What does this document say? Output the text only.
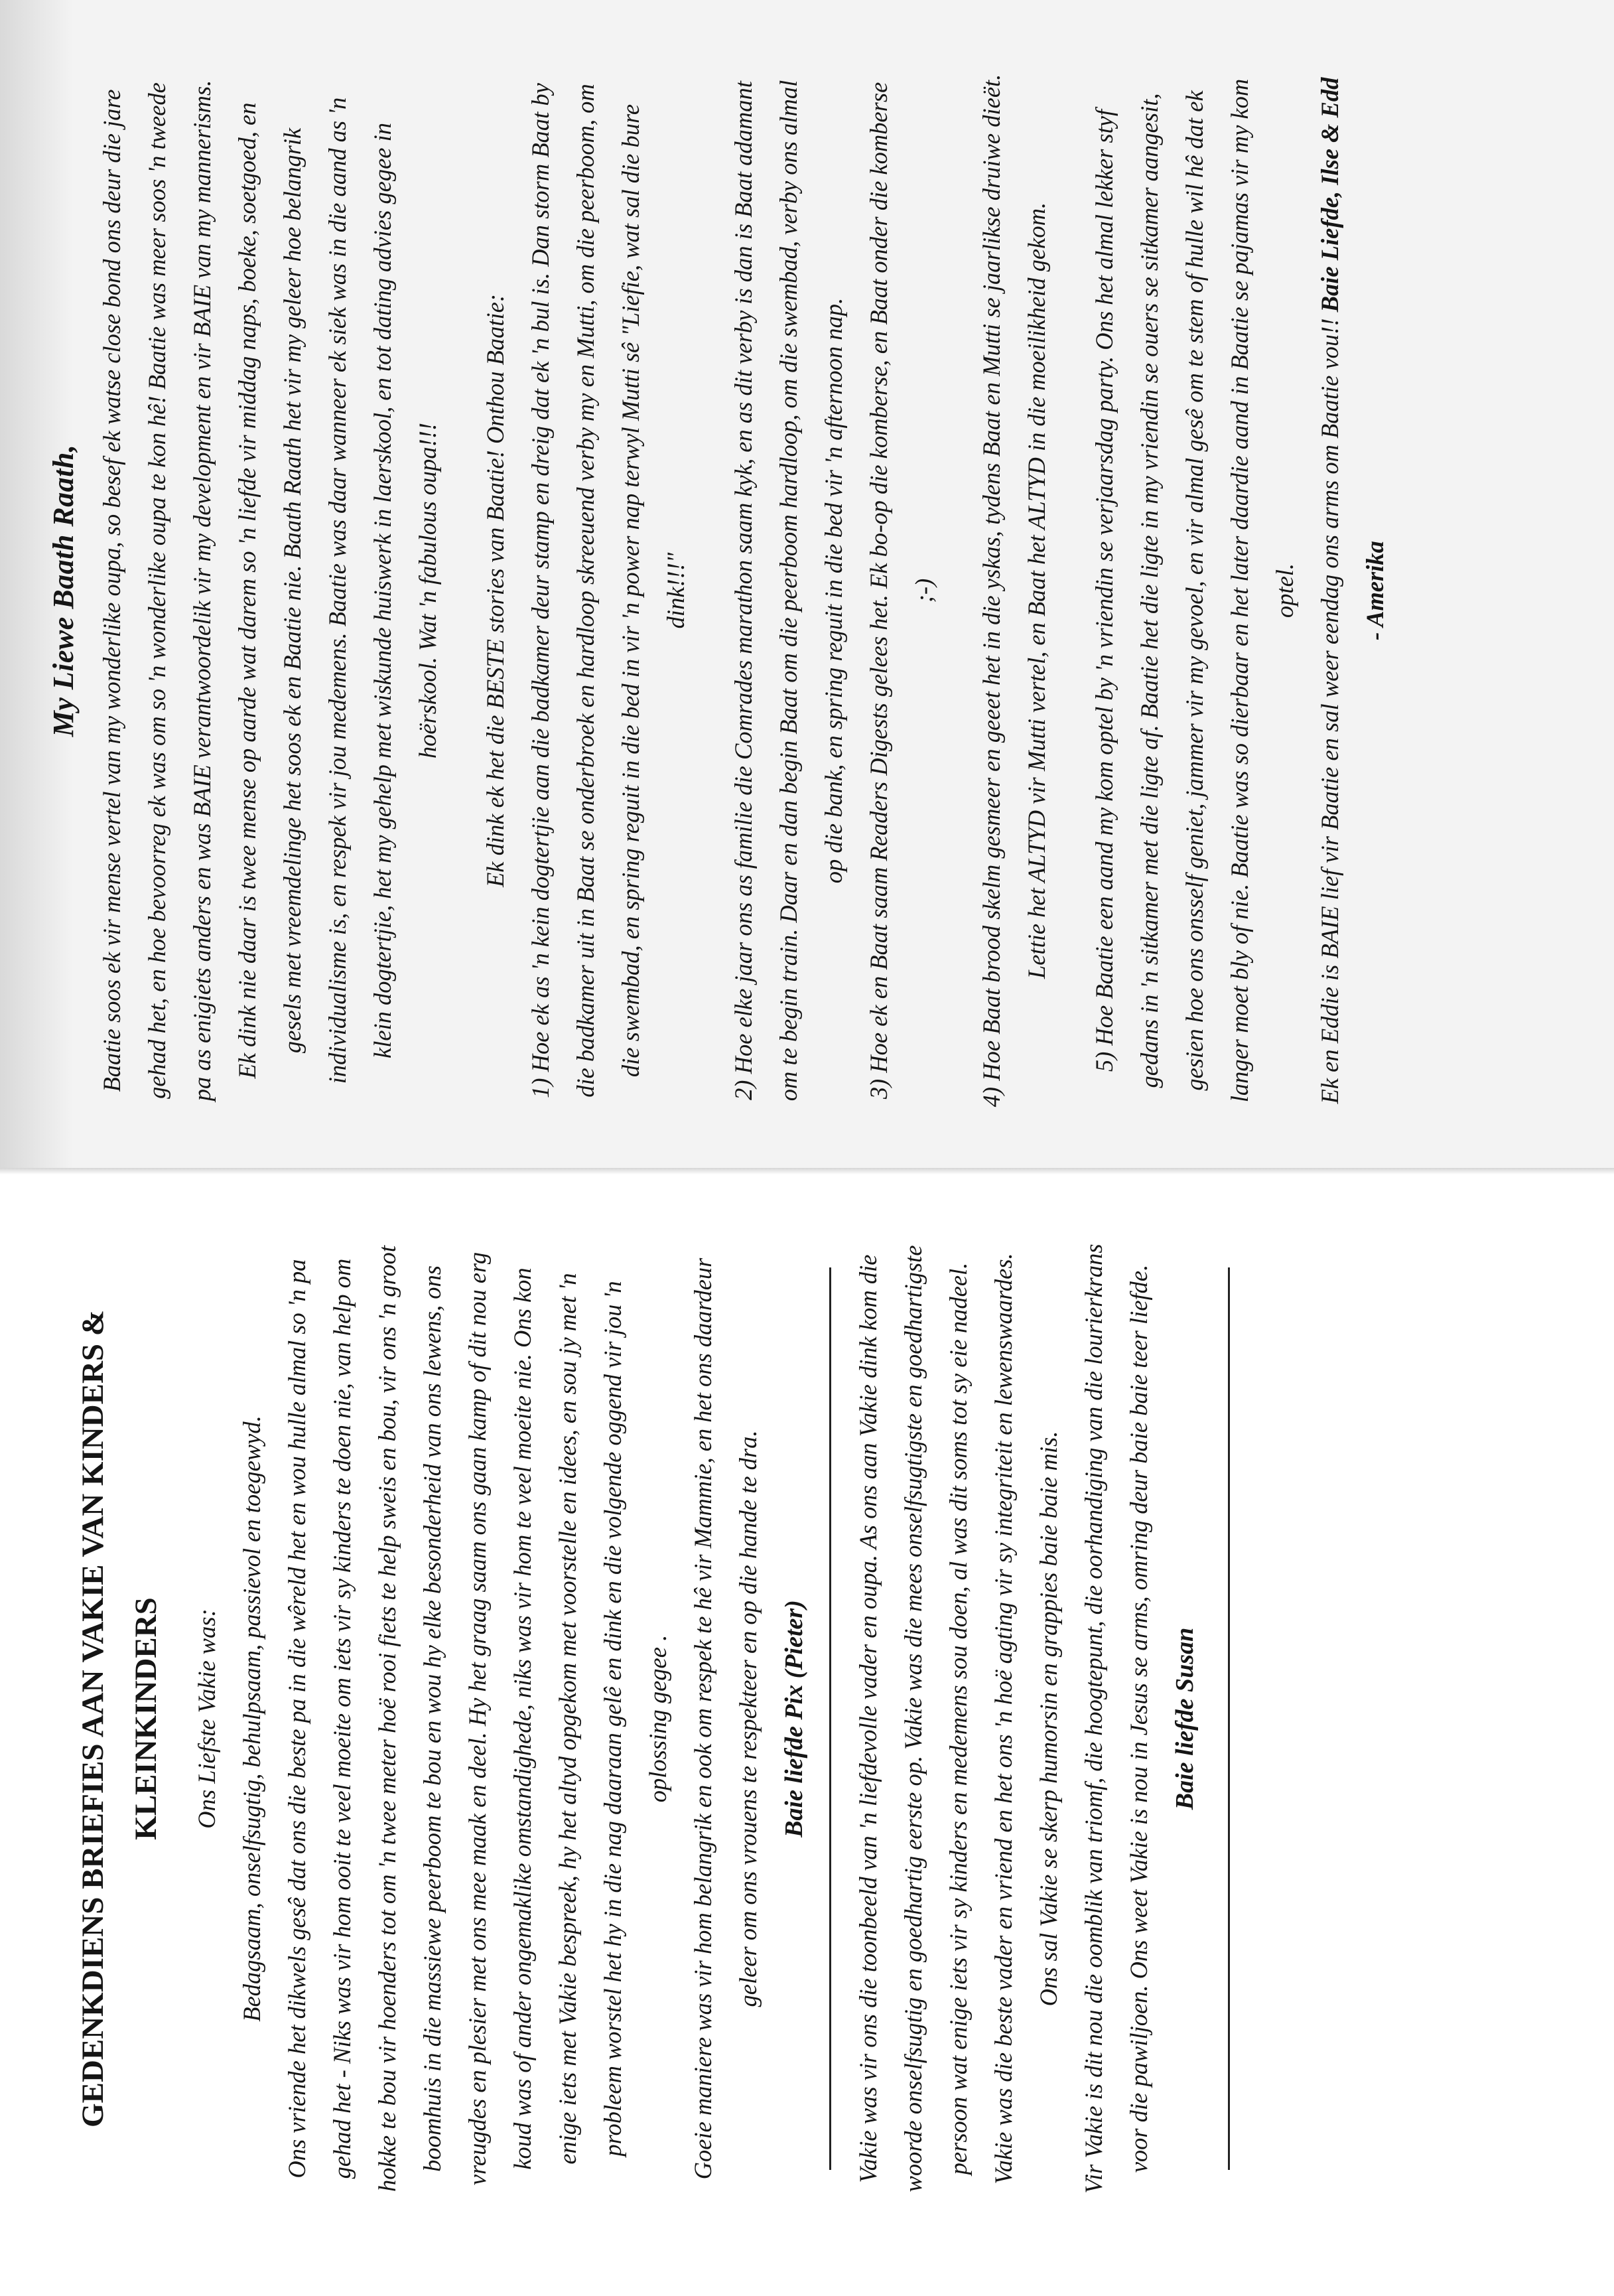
GEDENKDIENS BRIEFIES AAN VAKIE VAN KINDERS & KLEINKINDERS	Ons Liefste Vakie was: Bedagsaam, onselfsugtig, behulpsaam, passievol en toegewyd. Ons vriende het dikwels gesê dat ons die beste pa in die wêreld het en wou hulle almal so 'n pa gehad het - Niks was vir hom ooit te veel moeite om iets vir sy kinders te doen nie, van help om hokke te bou vir hoenders tot om 'n twee meter hoë rooi fiets te help sweis en bou, vir ons 'n groot boomhuis in die massiewe peerboom te bou en wou hy elke besonderheid van ons lewens, ons vreugdes en plesier met ons mee maak en deel. Hy het graag saam ons gaan kamp of dit nou erg koud was of ander ongemaklike omstandighede, niks was vir hom te veel moeite nie. Ons kon enige iets met Vakie bespreek, hy het altyd opgekom met voorstelle en idees, en sou jy met 'n probleem worstel het hy in die nag daaraan gelê en dink en die volgende oggend vir jou 'n oplossing gegee . Goeie maniere was vir hom belangrik en ook om respek te hê vir Mammie, en het ons daardeur geleer om ons vrouens te respekteer en op die hande te dra. Baie liefde Pix (Pieter)	Vakie was vir ons die toonbeeld van 'n liefdevolle vader en oupa. As ons aan Vakie dink kom die woorde onselfsugtig en goedhartig eerste op. Vakie was die mees onselfsugtigste en goedhartigste persoon wat enige iets vir sy kinders en medemens sou doen, al was dit soms tot sy eie nadeel. Vakie was die beste vader en vriend en het ons 'n hoë agting vir sy integriteit en lewenswaardes. Ons sal Vakie se skerp humorsin en grappies baie baie mis. Vir Vakie is dit nou die oomblik van triomf, die hoogtepunt, die oorhandiging van die lourierkrans voor die pawiljoen. Ons weet Vakie is nou in Jesus se arms, omring deur baie baie teer liefde. Baie liefde Susan

My Liewe Baath Raath, Baatie soos ek vir mense vertel van my wonderlike oupa, so besef ek watse close bond ons deur die jare gehad het, en hoe bevoorreg ek was om so 'n wonderlike oupa te kon hê! Baatie was meer soos 'n tweede pa as enigiets anders en was BAIE verantwoordelik vir my development en vir BAIE van my mannerisms. Ek dink nie daar is twee mense op aarde wat darem so 'n liefde vir middag naps, boeke, soetgoed, en gesels met vreemdelinge het soos ek en Baatie nie. Baath Raath het vir my geleer hoe belangrik individualisme is, en respek vir jou medemens. Baatie was daar wanneer ek siek was in die aand as 'n klein dogtertjie, het my gehelp met wiskunde huiswerk in laerskool, en tot dating advies gegee in hoërskool. Wat 'n fabulous oupa!!!	Ek dink ek het die BESTE stories van Baatie! Onthou Baatie: 1) Hoe ek as 'n kein dogtertjie aan die badkamer deur stamp en dreig dat ek 'n bul is. Dan storm Baat by die badkamer uit in Baat se onderbroek en hardloop skreeuend verby my en Mutti, om die peerboom, om die swembad, en spring reguit in die bed in vir 'n power nap terwyl Mutti sê "Liefie, wat sal die bure dink!!!"	2) Hoe elke jaar ons as familie die Comrades marathon saam kyk, en as dit verby is dan is Baat adamant om te begin train. Daar en dan begin Baat om die peerboom hardloop, om die swembad, verby ons almal op die bank, en spring reguit in die bed vir 'n afternoon nap. 3) Hoe ek en Baat saam Readers Digests gelees het. Ek bo-op die komberse, en Baat onder die komberse ;-)	4) Hoe Baat brood skelm gesmeer en geeet het in die yskas, tydens Baat en Mutti se jaarlikse druiwe dieët. Lettie het ALTYD vir Mutti vertel, en Baat het ALTYD in die moeilikheid gekom.	5) Hoe Baatie een aand my kom optel by 'n vriendin se verjaarsdag party. Ons het almal lekker styf gedans in 'n sitkamer met die ligte af. Baatie het die ligte in my vriendin se ouers se sitkamer aangesit, gesien hoe ons onsself geniet, jammer vir my gevoel, en vir almal gesê om te stem of hulle wil hê dat ek langer moet bly of nie. Baatie was so dierbaar en het later daardie aand in Baatie se pajamas vir my kom optel. Ek en Eddie is BAIE lief vir Baatie en sal weer eendag ons arms om Baatie vou!! Baie Liefde, Ilse & Edd - Amerika
